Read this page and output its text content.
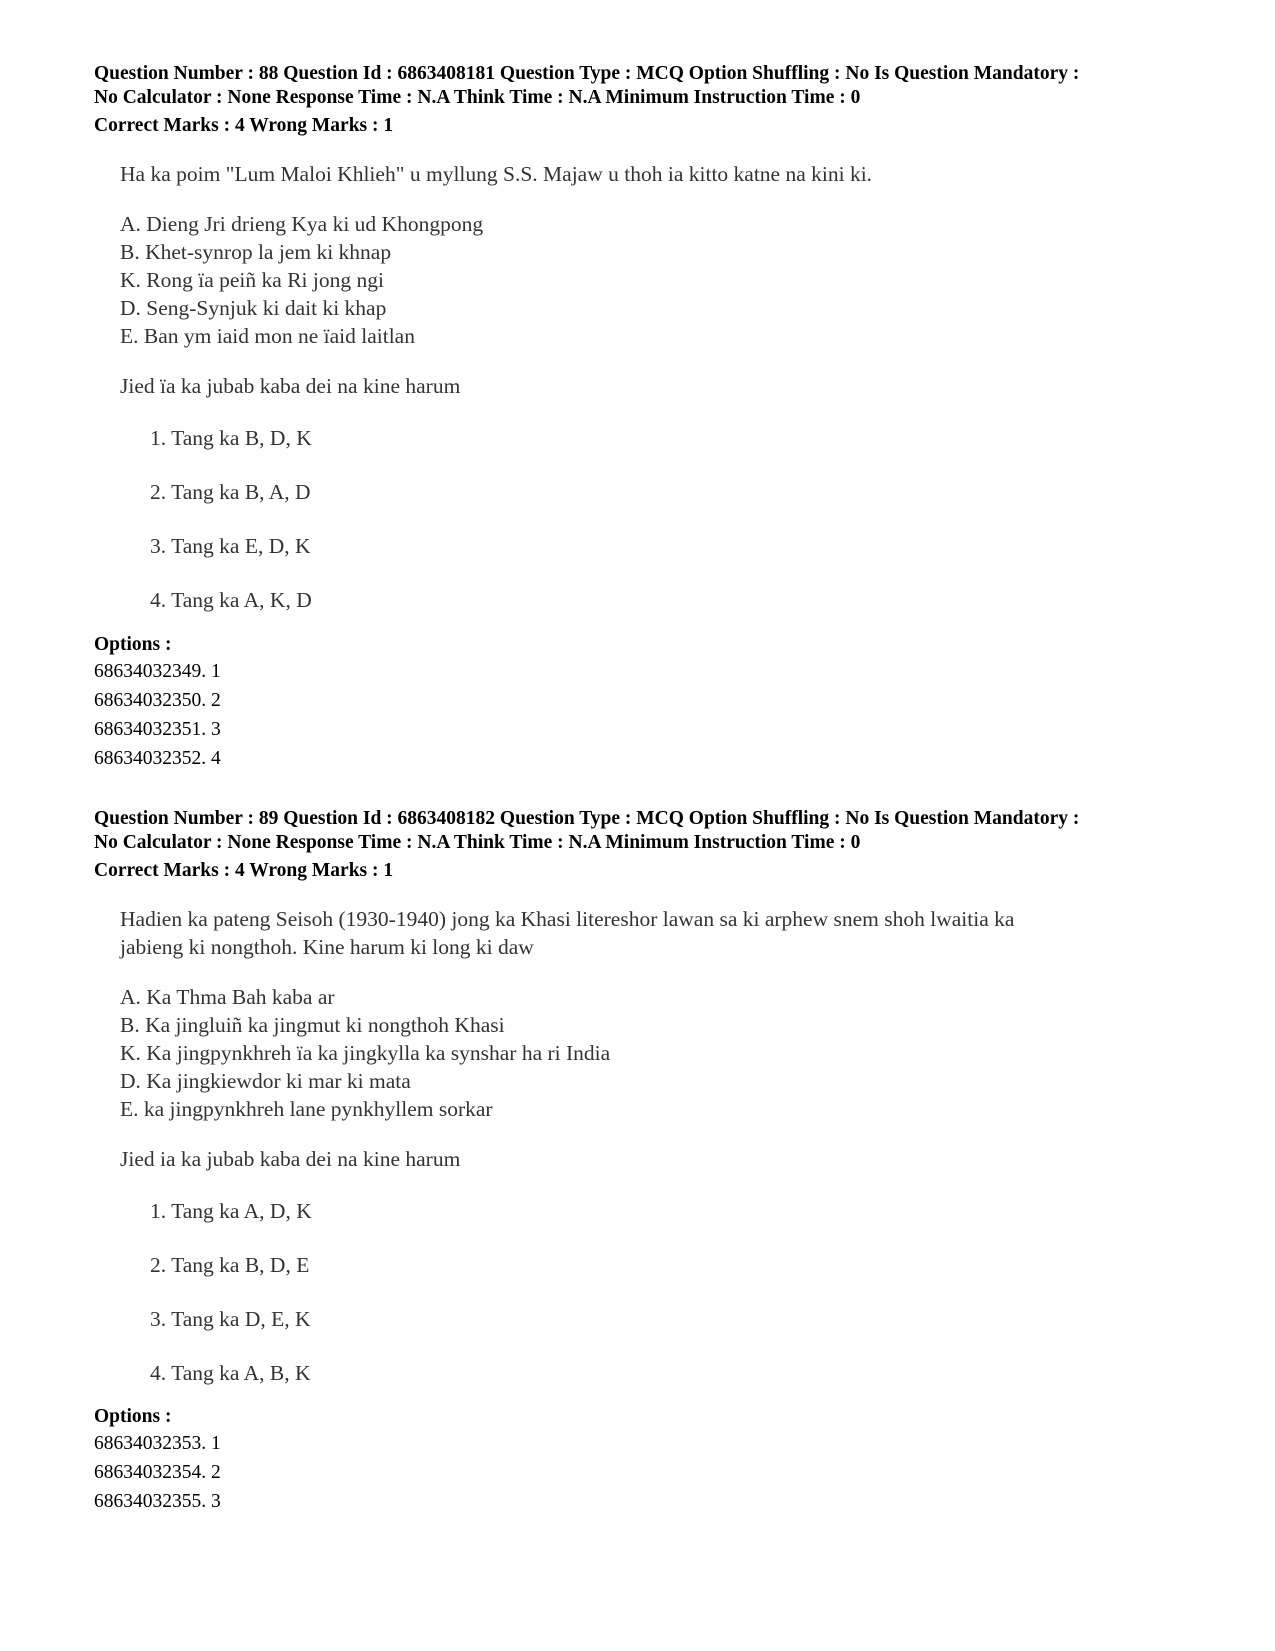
Question Number : 88 Question Id : 6863408181 Question Type : MCQ Option Shuffling : No Is Question Mandatory :

No Calculator : None Response Time : N.A Think Time : N.A Minimum Instruction Time : 0

Correct Marks : 4 Wrong Marks : 1

Ha ka poim "Lum Maloi Khlieh" u myllung S.S. Majaw u thoh ia kitto katne na kini ki.

A. Dieng Jri drieng Kya ki ud Khongpong
B. Khet-synrop la jem ki khnap
K. Rong ïa peiñ ka Ri jong ngi
D. Seng-Synjuk ki dait ki khap
E. Ban ym iaid mon ne ïaid laitlan

Jied ïa ka jubab kaba dei na kine harum

1. Tang ka B, D, K
2. Tang ka B, A, D
3. Tang ka E, D, K
4. Tang ka A, K, D
Options :
68634032349. 1
68634032350. 2
68634032351. 3
68634032352. 4

Question Number : 89 Question Id : 6863408182 Question Type : MCQ Option Shuffling : No Is Question Mandatory :

No Calculator : None Response Time : N.A Think Time : N.A Minimum Instruction Time : 0

Correct Marks : 4 Wrong Marks : 1

Hadien ka pateng Seisoh (1930-1940) jong ka Khasi litereshor lawan sa ki arphew snem shoh lwaitia ka

jabieng ki nongthoh. Kine harum ki long ki daw

A. Ka Thma Bah kaba ar
B. Ka jingluiñ ka jingmut ki nongthoh Khasi
K. Ka jingpynkhreh ïa ka jingkylla ka synshar ha ri India
D. Ka jingkiewdor ki mar ki mata
E. ka jingpynkhreh lane pynkhyllem sorkar

Jied ia ka jubab kaba dei na kine harum

1. Tang ka A, D, K
2. Tang ka B, D, E
3. Tang ka D, E, K
4. Tang ka A, B, K
Options :
68634032353. 1
68634032354. 2
68634032355. 3
